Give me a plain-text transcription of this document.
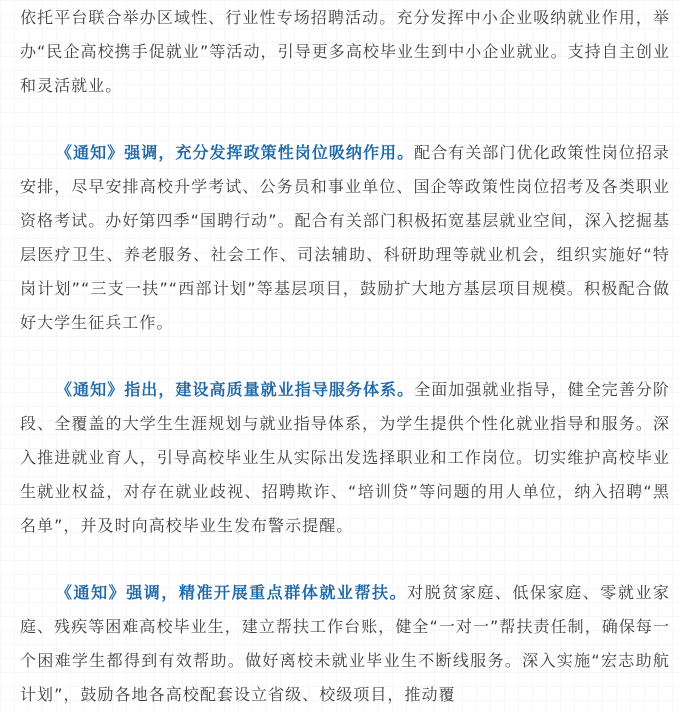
依托平台联合举办区域性、行业性专场招聘活动。充分发挥中小企业吸纳就业作用，举办“民企高校携手促就业”等活动，引导更多高校毕业生到中小企业就业。支持自主创业和灵活就业。

《通知》强调，充分发挥政策性岗位吸纳作用。配合有关部门优化政策性岗位招录安排，尽早安排高校升学考试、公务员和事业单位、国企等政策性岗位招考及各类职业资格考试。办好第四季“国聘行动”。配合有关部门积极拓宽基层就业空间，深入挖掘基层医疗卫生、养老服务、社会工作、司法辅助、科研助理等就业机会，组织实施好“特岗计划”“三支一扶”“西部计划”等基层项目，鼓励扩大地方基层项目规模。积极配合做好大学生征兵工作。

《通知》指出，建设高质量就业指导服务体系。全面加强就业指导，健全完善分阶段、全覆盖的大学生生涯规划与就业指导体系，为学生提供个性化就业指导和服务。深入推进就业育人，引导高校毕业生从实际出发选择职业和工作岗位。切实维护高校毕业生就业权益，对存在就业歧视、招聘欺诈、“培训贷”等问题的用人单位，纳入招聘“黑名单”，并及时向高校毕业生发布警示提醒。

《通知》强调，精准开展重点群体就业帮扶。对脱贫家庭、低保家庭、零就业家庭、残疾等困难高校毕业生，建立帮扶工作台账，健全“一对一”帮扶责任制，确保每一个困难学生都得到有效帮助。做好离校未就业毕业生不断线服务。深入实施“宏志助航计划”，鼓励各地各高校配套设立省级、校级项目，推动覆
